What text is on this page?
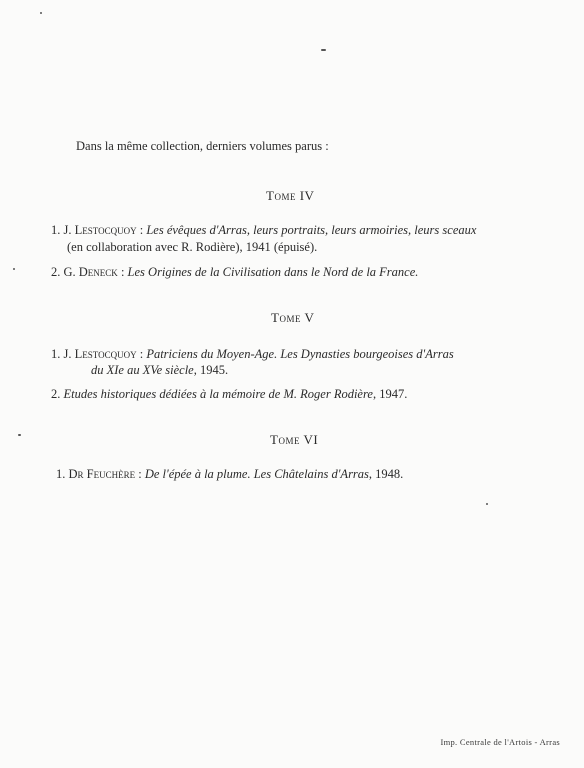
Dans la même collection, derniers volumes parus :
Tome IV
1. J. Lestocquoy : Les évêques d'Arras, leurs portraits, leurs armoiries, leurs sceaux
(en collaboration avec R. Rodière), 1941 (épuisé).
2. G. Deneck : Les Origines de la Civilisation dans le Nord de la France.
Tome V
1. J. Lestocquoy : Patriciens du Moyen-Age. Les Dynasties bourgeoises d'Arras
du XIe au XVe siècle, 1945.
2. Etudes historiques dédiées à la mémoire de M. Roger Rodière, 1947.
Tome VI
1. Dr Feuchère : De l'épée à la plume. Les Châtelains d'Arras, 1948.
Imp. Centrale de l'Artois - Arras
